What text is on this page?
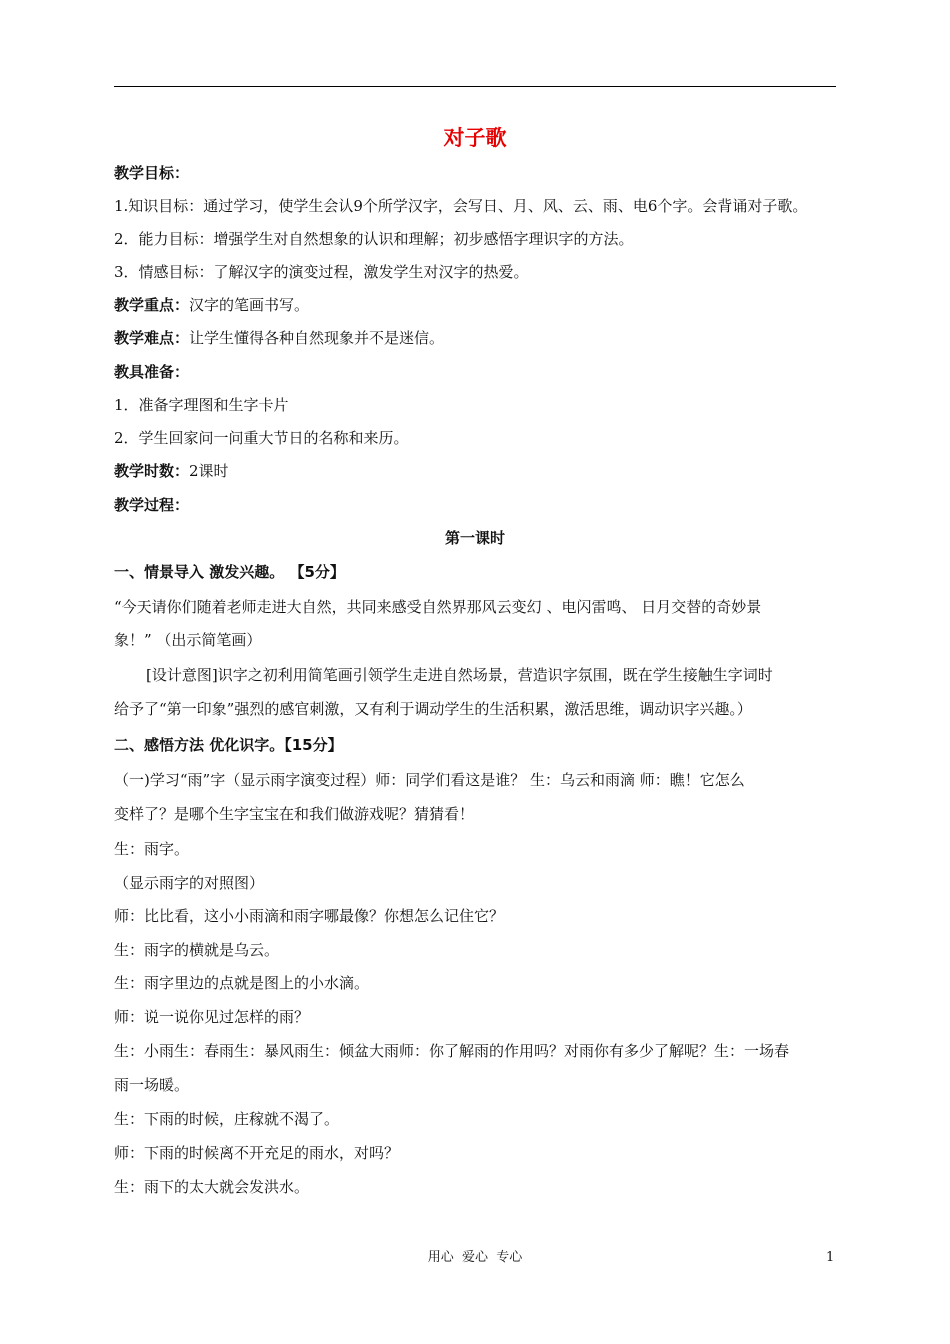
对子歌
教学目标：
1.知识目标：通过学习，使学生会认9个所学汉字，会写日、月、风、云、雨、电6个字。会背诵对子歌。
2．能力目标：增强学生对自然想象的认识和理解；初步感悟字理识字的方法。
3．情感目标：了解汉字的演变过程，激发学生对汉字的热爱。
教学重点：汉字的笔画书写。
教学难点：让学生懂得各种自然现象并不是迷信。
教具准备：
1．准备字理图和生字卡片
2．学生回家问一问重大节日的名称和来历。
教学时数：2课时
教学过程：
第一课时
一、情景导入 激发兴趣。 【5分】
“今天请你们随着老师走进大自然，共同来感受自然界那风云变幻 、电闪雷鸣、 日月交替的奇妙景
象！” （出示简笔画）
[设计意图]识字之初利用简笔画引领学生走进自然场景，营造识字氛围，既在学生接触生字词时
给予了“第一印象”强烈的感官刺激，又有利于调动学生的生活积累，激活思维，调动识字兴趣。）
二、感悟方法 优化识字。【15分】
（一)学习“雨”字（显示雨字演变过程）师：同学们看这是谁？ 生：乌云和雨滴 师：瞧！它怎么
变样了？是哪个生字宝宝在和我们做游戏呢？猜猜看！
生：雨字。
（显示雨字的对照图）
师：比比看，这小小雨滴和雨字哪最像？你想怎么记住它？
生：雨字的横就是乌云。
生：雨字里边的点就是图上的小水滴。
师：说一说你见过怎样的雨？
生：小雨生：春雨生：暴风雨生：倾盆大雨师：你了解雨的作用吗？对雨你有多少了解呢？生：一场春
雨一场暖。
生：下雨的时候，庄稼就不渴了。
师：下雨的时候离不开充足的雨水，对吗？
生：雨下的太大就会发洪水。
用心  爱心  专心	1
